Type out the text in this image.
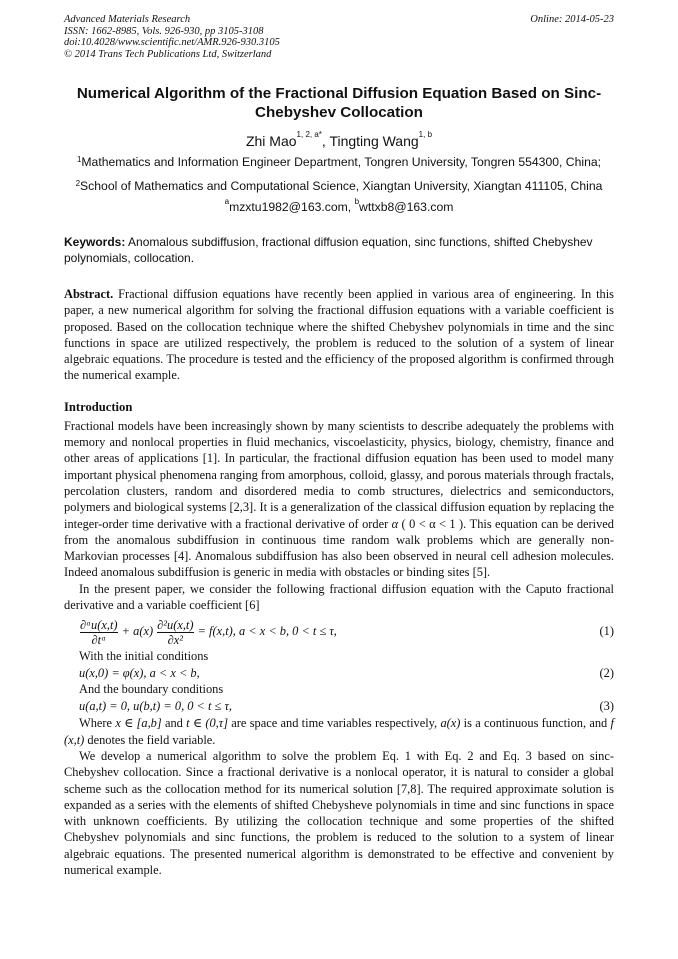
Advanced Materials Research
ISSN: 1662-8985, Vols. 926-930, pp 3105-3108
doi:10.4028/www.scientific.net/AMR.926-930.3105
© 2014 Trans Tech Publications Ltd, Switzerland
Online: 2014-05-23
Numerical Algorithm of the Fractional Diffusion Equation Based on Sinc-Chebyshev Collocation
Zhi Mao$^{1, 2, a*}$, Tingting Wang$^{1, b}$
$^1$Mathematics and Information Engineer Department, Tongren University, Tongren 554300, China;
$^2$School of Mathematics and Computational Science, Xiangtan University, Xiangtan 411105, China
$^a$mzxtu1982@163.com, $^b$wttxb8@163.com
Keywords: Anomalous subdiffusion, fractional diffusion equation, sinc functions, shifted Chebyshev polynomials, collocation.
Abstract. Fractional diffusion equations have recently been applied in various area of engineering. In this paper, a new numerical algorithm for solving the fractional diffusion equations with a variable coefficient is proposed. Based on the collocation technique where the shifted Chebyshev polynomials in time and the sinc functions in space are utilized respectively, the problem is reduced to the solution of a system of linear algebraic equations. The procedure is tested and the efficiency of the proposed algorithm is confirmed through the numerical example.
Introduction
Fractional models have been increasingly shown by many scientists to describe adequately the problems with memory and nonlocal properties in fluid mechanics, viscoelasticity, physics, biology, chemistry, finance and other areas of applications [1]. In particular, the fractional diffusion equation has been used to model many important physical phenomena ranging from amorphous, colloid, glassy, and porous materials through fractals, percolation clusters, random and disordered media to comb structures, dielectrics and semiconductors, polymers and biological systems [2,3]. It is a generalization of the classical diffusion equation by replacing the integer-order time derivative with a fractional derivative of order α ( 0 < α < 1 ). This equation can be derived from the anomalous subdiffusion in continuous time random walk problems which are generally non-Markovian processes [4]. Anomalous subdiffusion has also been observed in neural cell adhesion molecules. Indeed anomalous subdiffusion is generic in media with obstacles or binding sites [5].
In the present paper, we consider the following fractional diffusion equation with the Caputo fractional derivative and a variable coefficient [6]
$\frac{\text{∂ᵅu(x,t)}}{\text{∂tᵅ}} + a(x) \frac{\text{∂²u(x,t)}}{\text{∂x²}} = f(x,t)$, a < x < b, 0 < t ≤ τ,	(1)
With the initial conditions
u(x,0) = φ(x), a < x < b,	(2)
And the boundary conditions
u(a,t) = 0, u(b,t) = 0, 0 < t ≤ τ,	(3)
Where x ∈ [a,b] and t ∈ (0,τ] are space and time variables respectively, a(x) is a continuous function, and f (x,t) denotes the field variable.
We develop a numerical algorithm to solve the problem Eq. 1 with Eq. 2 and Eq. 3 based on sinc-Chebyshev collocation. Since a fractional derivative is a nonlocal operator, it is natural to consider a global scheme such as the collocation method for its numerical solution [7,8]. The required approximate solution is expanded as a series with the elements of shifted Chebysheve polynomials in time and sinc functions in space with unknown coefficients. By utilizing the collocation technique and some properties of the shifted Chebyshev polynomials and sinc functions, the problem is reduced to the solution to a system of linear algebraic equations. The presented numerical algorithm is demonstrated to be effective and convenient by numerical example.
